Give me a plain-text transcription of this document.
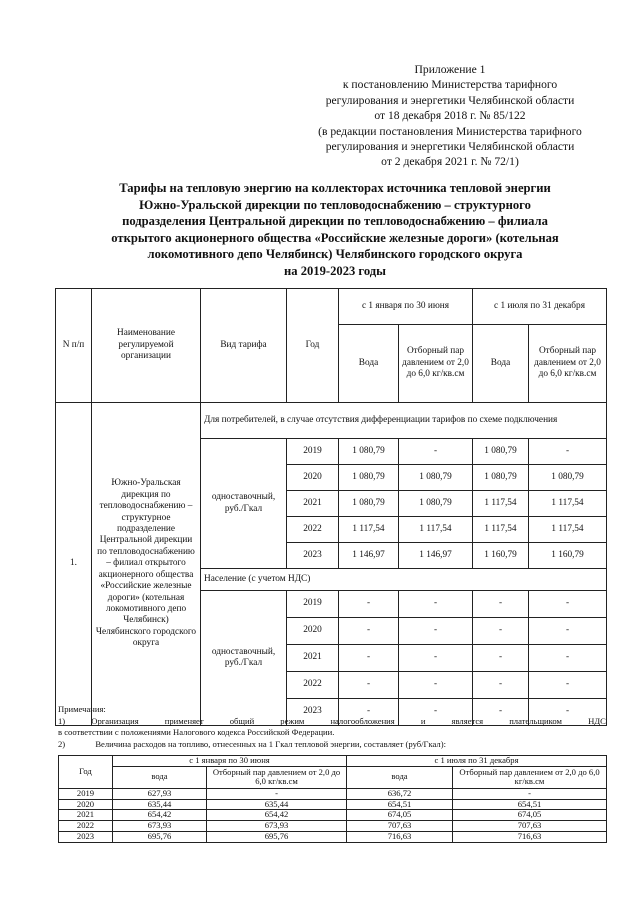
Приложение 1
к постановлению Министерства тарифного
регулирования и энергетики Челябинской области
от 18 декабря 2018 г. № 85/122
(в редакции постановления Министерства тарифного
регулирования и энергетики Челябинской области
от 2 декабря 2021 г. № 72/1)
Тарифы на тепловую энергию на коллекторах источника тепловой энергии
Южно-Уральской дирекции по тепловодоснабжению – структурного
подразделения Центральной дирекции по тепловодоснабжению – филиала
открытого акционерного общества «Российские железные дороги» (котельная
локомотивного депо Челябинск) Челябинского городского округа
на 2019-2023 годы
N п/п	Наименование регулируемой организации	Вид тарифа	Год	с 1 января по 30 июня		с 1 июля по 31 декабря	
				Вода	Отборный пар давлением от 2,0 до 6,0 кг/кв.см	Вода	Отборный пар давлением от 2,0 до 6,0 кг/кв.см
1.	Южно-Уральская дирекция по тепловодоснабжению – структурное подразделение Центральной дирекции по тепловодоснабжению – филиал открытого акционерного общества «Российские железные дороги» (котельная локомотивного депо Челябинск) Челябинского городского округа	Для потребителей, в случае отсутствия дифференциации тарифов по схеме подключения					
		одноставочный, руб./Гкал	2019	1 080,79	-	1 080,79	-
			2020	1 080,79	1 080,79	1 080,79	1 080,79
			2021	1 080,79	1 080,79	1 117,54	1 117,54
			2022	1 117,54	1 117,54	1 117,54	1 117,54
			2023	1 146,97	1 146,97	1 160,79	1 160,79
		Население (с учетом НДС)					
		одноставочный, руб./Гкал	2019	-	-	-	-
			2020	-	-	-	-
			2021	-	-	-	-
			2022	-	-	-	-
			2023	-	-	-	-
Примечания:
1)	Организация	применяет	общий	режим	налогообложения	и	является	плательщиком	НДС
в соответствии с положениями Налогового кодекса Российской Федерации.
2)	Величина расходов на топливо, отнесенных на 1 Гкал тепловой энергии, составляет (руб/Гкал):
Год	с 1 января по 30 июня		с 1 июля по 31 декабря	
	вода	Отборный пар давлением от 2,0 до 6,0 кг/кв.см	вода	Отборный пар давлением от 2,0 до 6,0 кг/кв.см
2019	627,93	-	636,72	-
2020	635,44	635,44	654,51	654,51
2021	654,42	654,42	674,05	674,05
2022	673,93	673,93	707,63	707,63
2023	695,76	695,76	716,63	716,63
